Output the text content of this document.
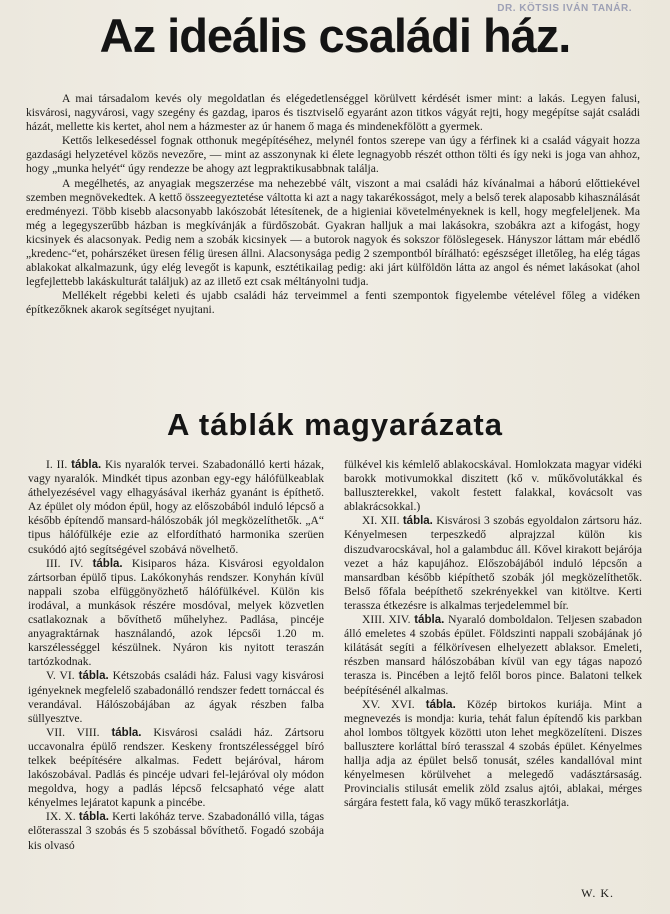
DR. KÖTSIS IVÁN TANÁR.
Az ideális családi ház.

A mai társadalom kevés oly megoldatlan és elégedetlenséggel körülvett kérdését ismer mint: a lakás. Legyen falusi, kisvárosi, nagyvárosi, vagy szegény és gazdag, iparos és tisztviselő egyaránt azon titkos vágyát rejti, hogy megépítse saját családi házát, mellette kis kertet, ahol nem a házmester az úr hanem ő maga és mindenekfölött a gyermek.

Kettős lelkesedéssel fognak otthonuk megépítéséhez, melynél fontos szerepe van úgy a férfinek ki a család vágyait hozza gazdasági helyzetével közös nevezőre, — mint az asszonynak ki élete legnagyobb részét otthon tölti és így neki is joga van ahhoz, hogy „munka helyét“ úgy rendezze be ahogy azt legpraktikusabbnak találja.

A megélhetés, az anyagiak megszerzése ma nehezebbé vált, viszont a mai családi ház kívánalmai a háború előttiekével szemben megnövekedtek. A kettő összeegyeztetése váltotta ki azt a nagy takarékosságot, mely a belső terek alaposabb kihasználását eredményezi. Több kisebb alacsonyabb lakószobát létesítenek, de a higieniai követelményeknek is kell, hogy megfeleljenek. Ma még a legegyszerűbb házban is megkívánják a fürdőszobát. Gyakran halljuk a mai lakásokra, szobákra azt a kifogást, hogy kicsinyek és alacsonyak. Pedig nem a szobák kicsinyek — a butorok nagyok és sokszor fölöslegesek. Hányszor láttam már ebédlő „kredenc-“et, pohárszéket üresen félig üresen állni. Alacsonysága pedig 2 szempontból bírálható: egészséget illetőleg, ha elég tágas ablakokat alkalmazunk, úgy elég levegőt is kapunk, esztétikailag pedig: aki járt külföldön látta az angol és német lakásokat (ahol legfejlettebb lakáskulturát találjuk) az az illető ezt csak méltányolni tudja.

Mellékelt régebbi keleti és ujabb családi ház terveimmel a fenti szempontok figyelembe vételével főleg a vidéken építkezőknek akarok segítséget nyujtani.

A táblák magyarázata

I. II. tábla. Kis nyaralók tervei. Szabadonálló kerti házak, vagy nyaralók. Mindkét tipus azonban egy-egy hálófülkeablak áthelyezésével vagy elhagyásával ikerház gyanánt is építhető. Az épület oly módon épül, hogy az előszobából induló lépcső a később építendő mansard-hálószobák jól megközelíthetők. „A“ tipus hálófülkéje ezie az elfordítható harmonika szerüen csukódó ajtó segítségével szobává növelhető.

III. IV. tábla. Kisiparos háza. Kisvárosi egyoldalon zártsorban épülő tipus. Lakókonyhás rendszer. Konyhán kívül nappali szoba elfüggönyözhető hálófülkével. Külön kis irodával, a munkások részére mosdóval, melyek közvetlen csatlakoznak a bővíthető műhelyhez. Padlása, pincéje anyagraktárnak használandó, azok lépcsői 1.20 m. karszélességgel készülnek. Nyáron kis nyitott teraszán tartózkodnak.

V. VI. tábla. Kétszobás családi ház. Falusi vagy kisvárosi igényeknek megfelelő szabadonálló rendszer fedett tornáccal és verandával. Hálószobájában az ágyak részben falba süllyesztve.

VII. VIII. tábla. Kisvárosi családi ház. Zártsoru uccavonalra épülő rendszer. Keskeny frontszélességgel bíró telkek beépítésére alkalmas. Fedett bejáróval, három lakószobával. Padlás és pincéje udvari fel-lejáróval oly módon megoldva, hogy a padlás lépcső felcsapható vége alatt kényelmes lejáratot kapunk a pincébe.

IX. X. tábla. Kerti lakóház terve. Szabadonálló villa, tágas előterasszal 3 szobás és 5 szobással bővíthető. Fogadó szobája kis olvasó

fülkével kis kémlelő ablakocskával. Homlokzata magyar vidéki barokk motivumokkal diszitett (kő v. műkővolutákkal és balluszterekkel, vakolt festett falakkal, kovácsolt vas ablakrácsokkal.)

XI. XII. tábla. Kisvárosi 3 szobás egyoldalon zártsoru ház. Kényelmesen terpeszkedő alprajzzal külön kis diszudvarocskával, hol a galambduc áll. Kővel kirakott bejárója vezet a ház kapujához. Előszobájából induló lépcsőn a mansardban később kiépíthető szobák jól megközelíthetők. Belső főfala beépíthető szekrényekkel van kitöltve. Kerti terassza étkezésre is alkalmas terjedelemmel bír.

XIII. XIV. tábla. Nyaraló domboldalon. Teljesen szabadon álló emeletes 4 szobás épület. Földszinti nappali szobájának jó kilátását segíti a félkörívesen elhelyezett ablaksor. Emeleti, részben mansard hálószobában kívül van egy tágas napozó terasza is. Pincében a lejtő felől boros pince. Balatoni telkek beépítésénél alkalmas.

XV. XVI. tábla. Közép birtokos kuriája. Mint a megnevezés is mondja: kuria, tehát falun építendő kis parkban ahol lombos töltgyek közötti uton lehet megközelíteni. Diszes ballusztere korláttal bíró terasszal 4 szobás épület. Kényelmes hallja adja az épület belső tonusát, széles kandallóval mint kényelmesen körülvehet a melegedő vadásztársaság. Provincialis stilusát emelik zöld zsalus ajtói, ablakai, mérges sárgára festett fala, kő vagy műkő teraszkorlátja.

W. K.
